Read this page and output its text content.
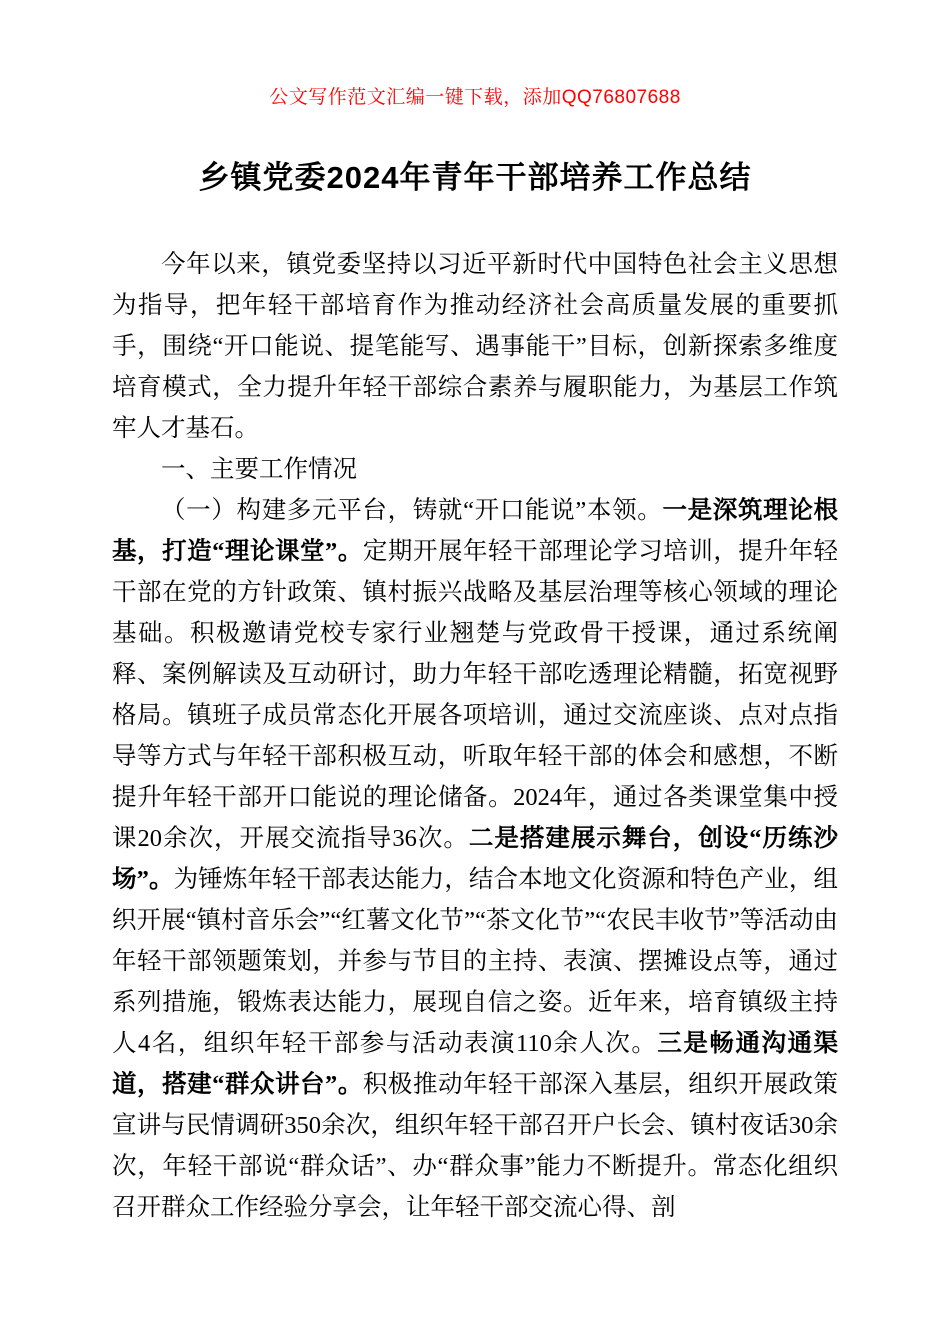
公文写作范文汇编一键下载，添加QQ76807688
乡镇党委2024年青年干部培养工作总结

今年以来，镇党委坚持以习近平新时代中国特色社会主义思想为指导，把年轻干部培育作为推动经济社会高质量发展的重要抓手，围绕“开口能说、提笔能写、遇事能干”目标，创新探索多维度培育模式，全力提升年轻干部综合素养与履职能力，为基层工作筑牢人才基石。

一、主要工作情况

（一）构建多元平台，铸就“开口能说”本领。一是深筑理论根基，打造“理论课堂”。定期开展年轻干部理论学习培训，提升年轻干部在党的方针政策、镇村振兴战略及基层治理等核心领域的理论基础。积极邀请党校专家行业翘楚与党政骨干授课，通过系统阐释、案例解读及互动研讨，助力年轻干部吃透理论精髓，拓宽视野格局。镇班子成员常态化开展各项培训，通过交流座谈、点对点指导等方式与年轻干部积极互动，听取年轻干部的体会和感想，不断提升年轻干部开口能说的理论储备。2024年，通过各类课堂集中授课20余次，开展交流指导36次。二是搭建展示舞台，创设“历练沙场”。为锤炼年轻干部表达能力，结合本地文化资源和特色产业，组织开展“镇村音乐会”“红薯文化节”“茶文化节”“农民丰收节”等活动由年轻干部领题策划，并参与节目的主持、表演、摆摊设点等，通过系列措施，锻炼表达能力，展现自信之姿。近年来，培育镇级主持人4名，组织年轻干部参与活动表演110余人次。三是畅通沟通渠道，搭建“群众讲台”。积极推动年轻干部深入基层，组织开展政策宣讲与民情调研350余次，组织年轻干部召开户长会、镇村夜话30余次，年轻干部说“群众话”、办“群众事”能力不断提升。常态化组织召开群众工作经验分享会，让年轻干部交流心得、剖
